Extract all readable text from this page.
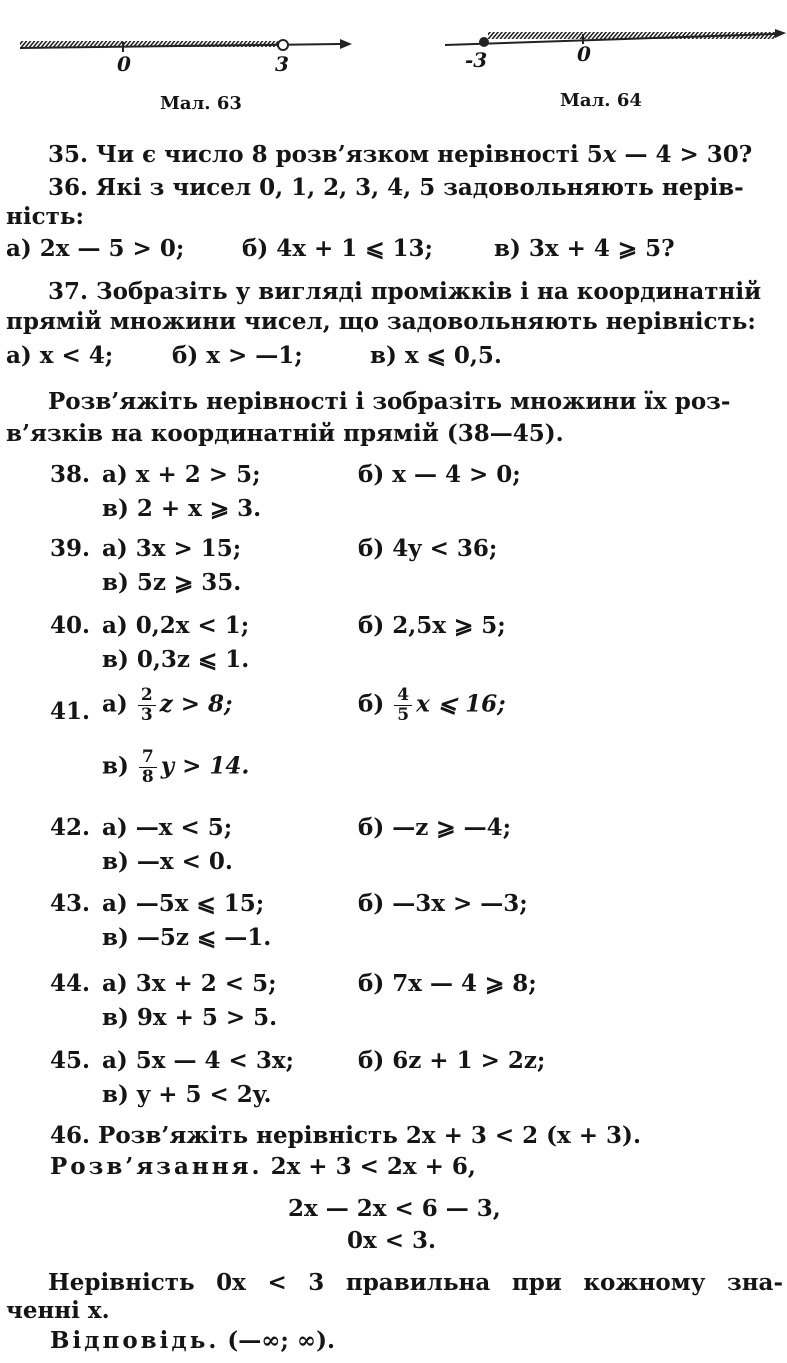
0	3	-3	0
Мал. 63	Мал. 64
35. Чи є число 8 розв’язком нерівності 5x — 4 > 30?
36. Які з чисел 0, 1, 2, 3, 4, 5 задовольняють нерів-
ність:
а) 2x — 5 > 0;	б) 4x + 1 ⩽ 13;	в) 3x + 4 ⩾ 5?
37. Зобразіть у вигляді проміжків і на координатній
прямій множини чисел, що задовольняють нерівність:
а) x < 4;	б) x > —1;	в) x ⩽ 0,5.
Розв’яжіть нерівності і зобразіть множини їх роз-
в’язків на координатній прямій (38—45).
38. а) x + 2 > 5;	б) x — 4 > 0;
в) 2 + x ⩾ 3.
39. а) 3x > 15;	б) 4y < 36;
в) 5z ⩾ 35.
40. а) 0,2x < 1;	б) 2,5x ⩾ 5;
в) 0,3z ⩽ 1.
41. $а) \frac{2}{3}$ z > 8;	$б) \frac{4}{5}$ x ⩽ 16;
$в) \frac{7}{8}$ y > 14.
42. а) —x < 5;	б) —z ⩾ —4;
в) —x < 0.
43. а) —5x ⩽ 15;	б) —3x > —3;
в) —5z ⩽ —1.
44. а) 3x + 2 < 5;	б) 7x — 4 ⩾ 8;
в) 9x + 5 > 5.
45. а) 5x — 4 < 3x;	б) 6z + 1 > 2z;
в) y + 5 < 2y.
46. Розв’яжіть нерівність 2x + 3 < 2 (x + 3).
Розв’язання. 2x + 3 < 2x + 6,
2x — 2x < 6 — 3,
0x < 3.
Нерівність 0x < 3 правильна при кожному зна-
ченні x.
Відповідь. (—∞; ∞).
